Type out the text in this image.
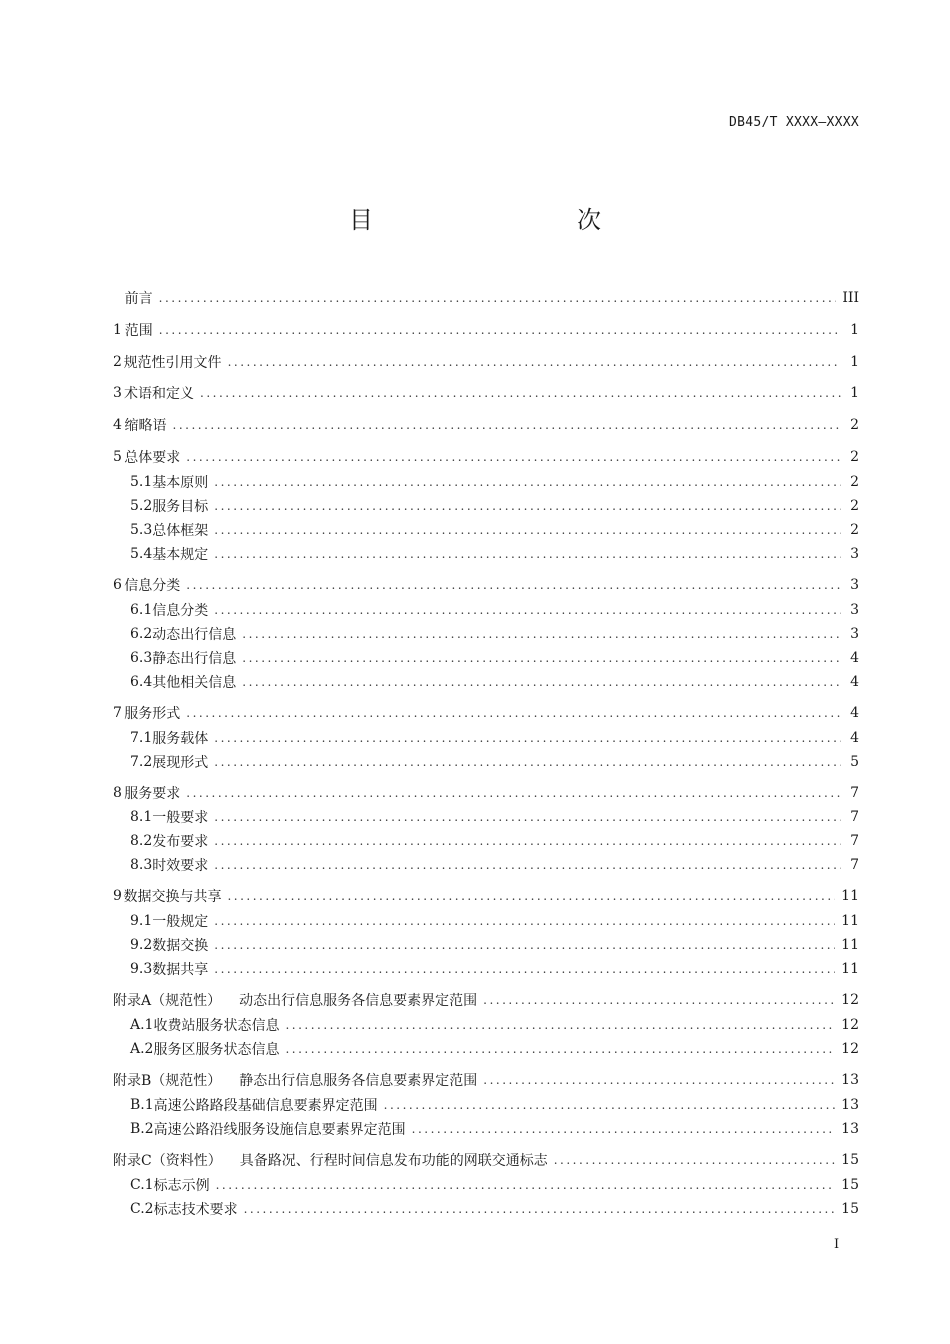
DB45/T XXXX—XXXX
目　　次
前言 .....	III
1 范围 .....	1
2 规范性引用文件 .....	1
3 术语和定义 .....	1
4 缩略语 .....	2
5 总体要求 .....	2
5.1 基本原则 .....	2
5.2 服务目标 .....	2
5.3 总体框架 .....	2
5.4 基本规定 .....	3
6 信息分类 .....	3
6.1 信息分类 .....	3
6.2 动态出行信息 .....	3
6.3 静态出行信息 .....	4
6.4 其他相关信息 .....	4
7 服务形式 .....	4
7.1 服务载体 .....	4
7.2 展现形式 .....	5
8 服务要求 .....	7
8.1 一般要求 .....	7
8.2 发布要求 .....	7
8.3 时效要求 .....	7
9 数据交换与共享 .....	11
9.1 一般规定 .....	11
9.2 数据交换 .....	11
9.3 数据共享 .....	11
附录A（规范性） 　动态出行信息服务各信息要素界定范围 .....	12
A.1 收费站服务状态信息 .....	12
A.2 服务区服务状态信息 .....	12
附录B（规范性） 　静态出行信息服务各信息要素界定范围 .....	13
B.1 高速公路路段基础信息要素界定范围 .....	13
B.2 高速公路沿线服务设施信息要素界定范围 .....	13
附录C（资料性） 　具备路况、行程时间信息发布功能的网联交通标志 .....	15
C.1 标志示例 .....	15
C.2 标志技术要求 .....	15
I
